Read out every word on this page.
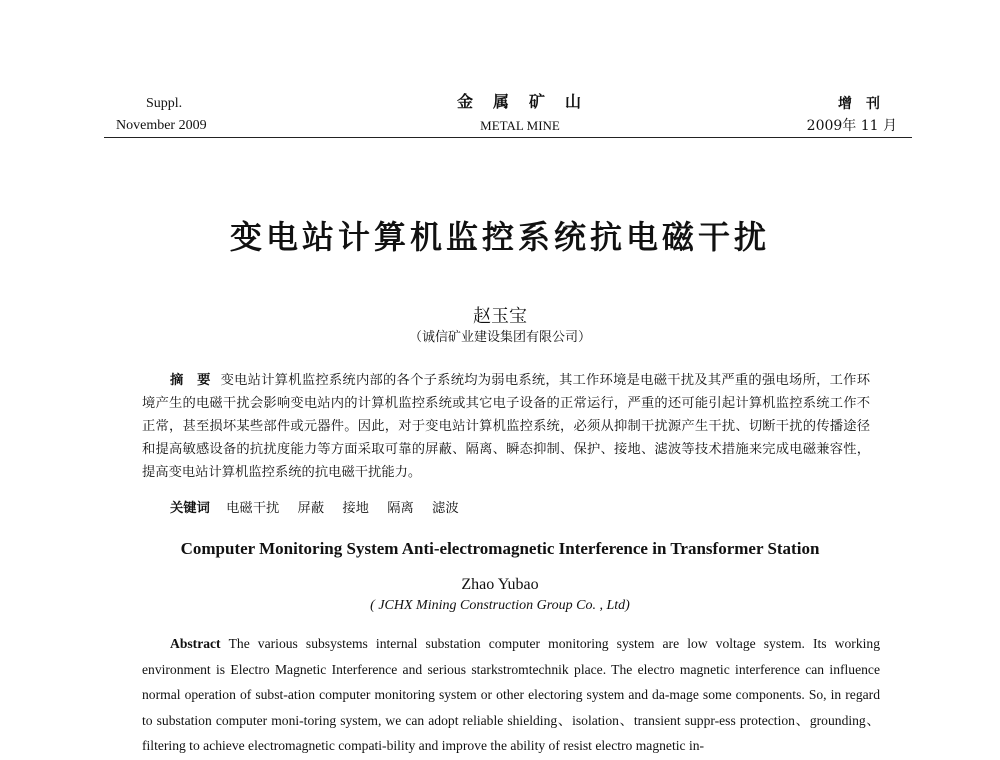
Suppl.
November 2009
金　属　矿　山
METAL MINE
增　刊
2009年 11 月
变电站计算机监控系统抗电磁干扰
赵玉宝
（诚信矿业建设集团有限公司）
摘　要 变电站计算机监控系统内部的各个子系统均为弱电系统，其工作环境是电磁干扰及其严重的强电场所，工作环境产生的电磁干扰会影响变电站内的计算机监控系统或其它电子设备的正常运行，严重的还可能引起计算机监控系统工作不正常，甚至损坏某些部件或元器件。因此，对于变电站计算机监控系统，必须从抑制干扰源产生干扰、切断干扰的传播途径和提高敏感设备的抗扰度能力等方面采取可靠的屏蔽、隔离、瞬态抑制、保护、接地、滤波等技术措施来完成电磁兼容性，提高变电站计算机监控系统的抗电磁干扰能力。
关键词 电磁干扰 屏蔽 接地 隔离 滤波
Computer Monitoring System Anti-electromagnetic Interference in Transformer Station
Zhao Yubao
( JCHX Mining Construction Group Co. , Ltd)
Abstract The various subsystems internal substation computer monitoring system are low voltage system. Its working environment is Electro Magnetic Interference and serious starkstromtechnik place. The electro magnetic interference can influence normal operation of subst-ation computer monitoring system or other electoring system and da-mage some components. So, in regard to substation computer moni-toring system, we can adopt reliable shielding、isolation、transient suppr-ess protection、grounding、filtering to achieve electromagnetic compati-bility and improve the ability of resist electro magnetic in-
